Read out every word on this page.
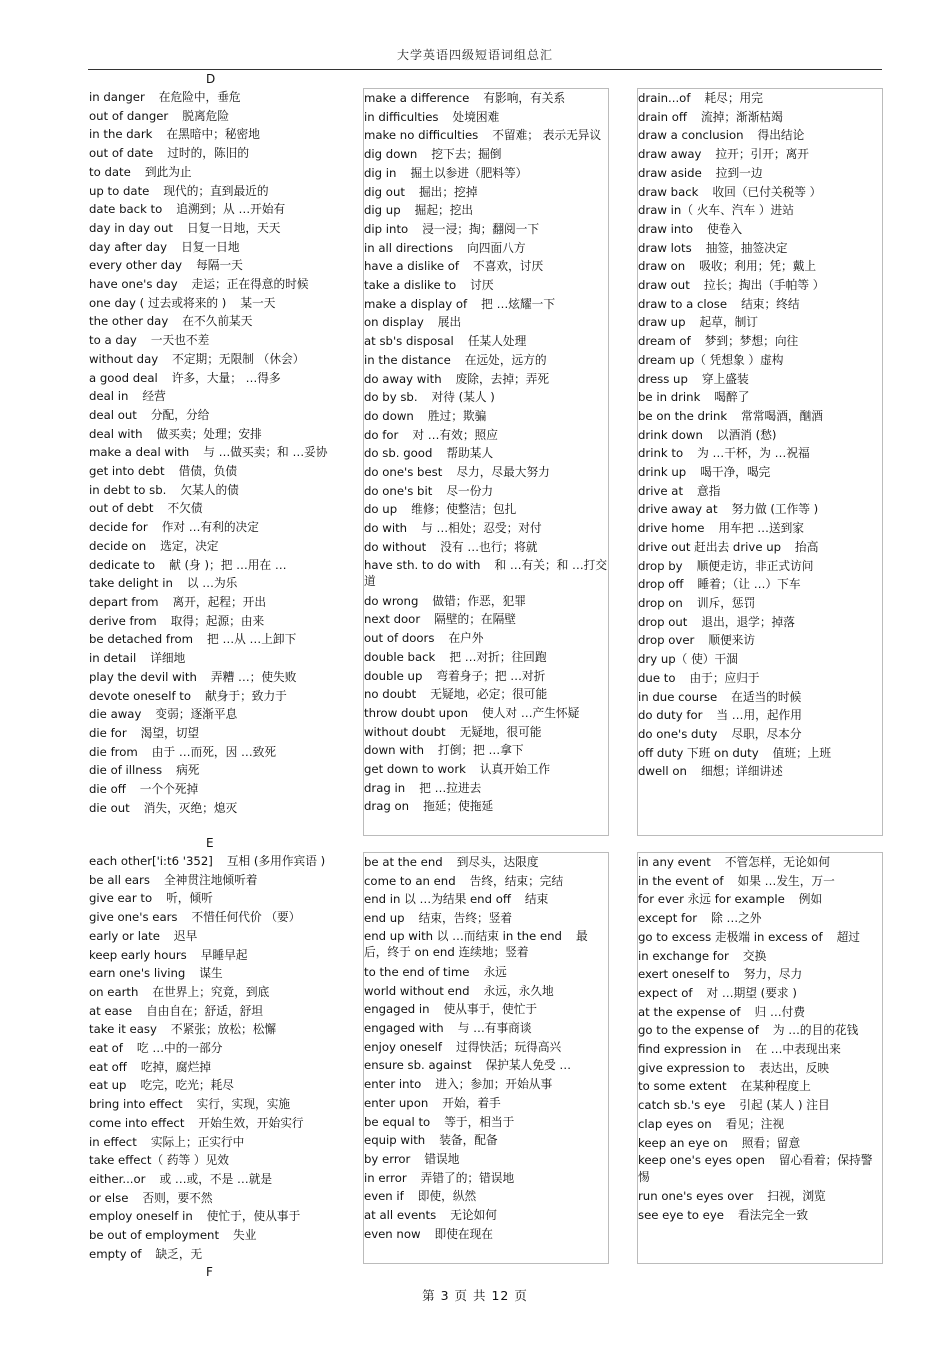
大学英语四级短语词组总汇
D
in danger 在危险中，垂危
out of danger 脱离危险
in the dark 在黑暗中；秘密地
out of date 过时的，陈旧的
to date 到此为止
up to date 现代的；直到最近的
date back to 追溯到；从 …开始有
day in day out 日复一日地，天天
day after day 日复一日地
every other day 每隔一天
have one's day 走运；正在得意的时候
one day ( 过去或将来的 ) 某一天
the other day 在不久前某天
to a day 一天也不差
without day 不定期；无限制 （休会）
a good deal 许多，大量； …得多
deal in 经营
deal out 分配，分给
deal with 做买卖；处理；安排
make a deal with 与 …做买卖；和 …妥协
get into debt 借债，负债
in debt to sb. 欠某人的债
out of debt 不欠债
decide for 作对 …有利的决定
decide on 选定，决定
dedicate to 献 (身 )；把 …用在 …
take delight in 以 …为乐
depart from 离开，起程；开出
derive from 取得；起源；由来
be detached from 把 …从 …上卸下
in detail 详细地
play the devil with 弄糟 …；使失败
devote oneself to 献身于；致力于
die away 变弱；逐渐平息
die for 渴望，切望
die from 由于 …而死，因 …致死
die of illness 病死
die off 一个个死掉
die out 消失，灭绝；熄灭
make a difference 有影响，有关系
in difficulties 处境困难
make no difficulties 不留难； 表示无异议
dig down 挖下去；掘倒
dig in 掘土以参进（肥料等）
dig out 掘出；挖掉
dig up 掘起；挖出
dip into 浸一浸；掏；翻阅一下
in all directions 向四面八方
have a dislike of 不喜欢，讨厌
take a dislike to 讨厌
make a display of 把 …炫耀一下
on display 展出
at sb's disposal 任某人处理
in the distance 在远处，远方的
do away with 废除，去掉；弄死
do by sb. 对待 (某人 )
do down 胜过；欺骗
do for 对 …有效；照应
do sb. good 帮助某人
do one's best 尽力，尽最大努力
do one's bit 尽一份力
do up 维修；使整洁；包扎
do with 与 …相处；忍受；对付
do without 没有 …也行；将就
have sth. to do with 和 …有关；和 …打交道
do wrong 做错；作恶，犯罪
next door 隔壁的；在隔壁
out of doors 在户外
double back 把 …对折；往回跑
double up 弯着身子；把 …对折
no doubt 无疑地，必定；很可能
throw doubt upon 使人对 …产生怀疑
without doubt 无疑地，很可能
down with 打倒；把 …拿下
get down to work 认真开始工作
drag in 把 …拉进去
drag on 拖延；使拖延
drain...of 耗尽；用完
drain off 流掉；渐渐枯竭
draw a conclusion 得出结论
draw away 拉开；引开；离开
draw aside 拉到一边
draw back 收回（已付关税等 ）
draw in（ 火车、汽车 ）进站
draw into 使卷入
draw lots 抽签，抽签决定
draw on 吸收；利用；凭；戴上
draw out 拉长；掏出（手帕等 ）
draw to a close 结束；终结
draw up 起草，制订
dream of 梦到；梦想；向往
dream up（ 凭想象 ）虚构
dress up 穿上盛装
be in drink 喝醉了
be on the drink 常常喝酒，酗酒
drink down 以酒消 (愁)
drink to 为 …干杯，为 …祝福
drink up 喝干净，喝完
drive at 意指
drive away at 努力做 (工作等 )
drive home 用车把 …送到家
drive out 赶出去 drive up 抬高
drop by 顺便走访，非正式访问
drop off 睡着；（让 …）下车
drop on 训斥，惩罚
drop out 退出，退学；掉落
drop over 顺便来访
dry up（ 使）干涸
due to 由于；应归于
in due course 在适当的时候
do duty for 当 …用，起作用
do one's duty 尽职，尽本分
off duty 下班 on duty 值班；上班
dwell on 细想；详细讲述
E
each other['i:t6 '352] 互相 (多用作宾语 )
be all ears 全神贯注地倾听着
give ear to 听，倾听
give one's ears 不惜任何代价 （要）
early or late 迟早
keep early hours 早睡早起
earn one's living 谋生
on earth 在世界上；究竟，到底
at ease 自由自在；舒适，舒坦
take it easy 不紧张；放松；松懈
eat of 吃 …中的一部分
eat off 吃掉，腐烂掉
eat up 吃完，吃光；耗尽
bring into effect 实行，实现，实施
come into effect 开始生效，开始实行
in effect 实际上；正实行中
take effect（ 药等 ）见效
either...or 或 …或，不是 …就是
or else 否则，要不然
employ oneself in 使忙于，使从事于
be out of employment 失业
empty of 缺乏，无
be at the end 到尽头，达限度
come to an end 告终，结束；完结
end in 以 …为结果 end off 结束
end up 结束，告终；竖着
end up with 以 …而结束 in the end 最后，终于 on end 连续地；竖着
to the end of time 永远
world without end 永远，永久地
engaged in 使从事于，使忙于
engaged with 与 …有事商谈
enjoy oneself 过得快活；玩得高兴
ensure sb. against 保护某人免受 …
enter into 进入；参加；开始从事
enter upon 开始，着手
be equal to 等于，相当于
equip with 装备，配备
by error 错误地
in error 弄错了的；错误地
even if 即使，纵然
at all events 无论如何
even now 即使在现在
in any event 不管怎样，无论如何
in the event of 如果 …发生，万一
for ever 永远 for example 例如
except for 除 …之外
go to excess 走极端 in excess of 超过
in exchange for 交换
exert oneself to 努力，尽力
expect of 对 …期望 (要求 )
at the expense of 归 …付费
go to the expense of 为 …的目的花钱
find expression in 在 …中表现出来
give expression to 表达出，反映
to some extent 在某种程度上
catch sb.'s eye 引起 (某人 ) 注目
clap eyes on 看见；注视
keep an eye on 照看；留意
keep one's eyes open 留心看着；保持警惕
run one's eyes over 扫视，浏览
see eye to eye 看法完全一致
F
第 3 页 共 12 页
